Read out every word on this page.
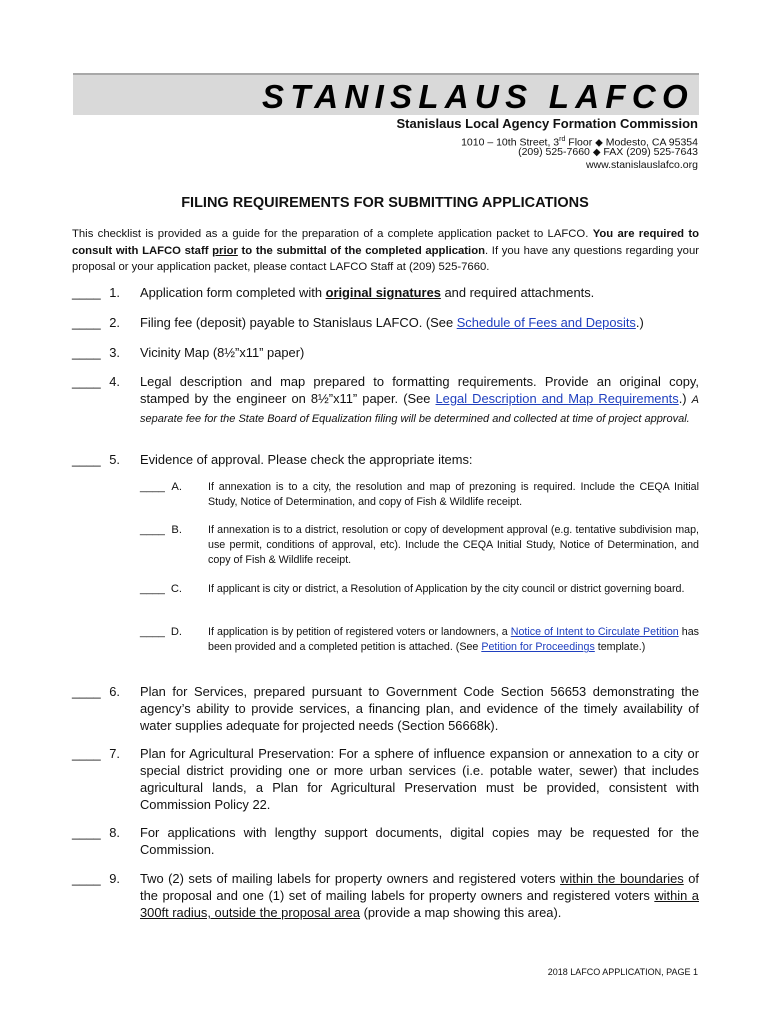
STANISLAUS LAFCO
Stanislaus Local Agency Formation Commission
1010 – 10th Street, 3rd Floor ◆ Modesto, CA 95354
(209) 525-7660 ◆ FAX (209) 525-7643
www.stanislauslafco.org
FILING REQUIREMENTS FOR SUBMITTING APPLICATIONS
This checklist is provided as a guide for the preparation of a complete application packet to LAFCO. You are required to consult with LAFCO staff prior to the submittal of the completed application. If you have any questions regarding your proposal or your application packet, please contact LAFCO Staff at (209) 525-7660.
____ 1. Application form completed with original signatures and required attachments.
____ 2. Filing fee (deposit) payable to Stanislaus LAFCO. (See Schedule of Fees and Deposits.)
____ 3. Vicinity Map (8½”x11” paper)
____ 4. Legal description and map prepared to formatting requirements. Provide an original copy, stamped by the engineer on 8½”x11” paper. (See Legal Description and Map Requirements.) A separate fee for the State Board of Equalization filing will be determined and collected at time of project approval.
____ 5. Evidence of approval. Please check the appropriate items:
____ A. If annexation is to a city, the resolution and map of prezoning is required. Include the CEQA Initial Study, Notice of Determination, and copy of Fish & Wildlife receipt.
____ B. If annexation is to a district, resolution or copy of development approval (e.g. tentative subdivision map, use permit, conditions of approval, etc). Include the CEQA Initial Study, Notice of Determination, and copy of Fish & Wildlife receipt.
____ C. If applicant is city or district, a Resolution of Application by the city council or district governing board.
____ D. If application is by petition of registered voters or landowners, a Notice of Intent to Circulate Petition has been provided and a completed petition is attached. (See Petition for Proceedings template.)
____ 6. Plan for Services, prepared pursuant to Government Code Section 56653 demonstrating the agency’s ability to provide services, a financing plan, and evidence of the timely availability of water supplies adequate for projected needs (Section 56668k).
____ 7. Plan for Agricultural Preservation: For a sphere of influence expansion or annexation to a city or special district providing one or more urban services (i.e. potable water, sewer) that includes agricultural lands, a Plan for Agricultural Preservation must be provided, consistent with Commission Policy 22.
____ 8. For applications with lengthy support documents, digital copies may be requested for the Commission.
____ 9. Two (2) sets of mailing labels for property owners and registered voters within the boundaries of the proposal and one (1) set of mailing labels for property owners and registered voters within a 300ft radius, outside the proposal area (provide a map showing this area).
2018 LAFCO APPLICATION, PAGE 1
